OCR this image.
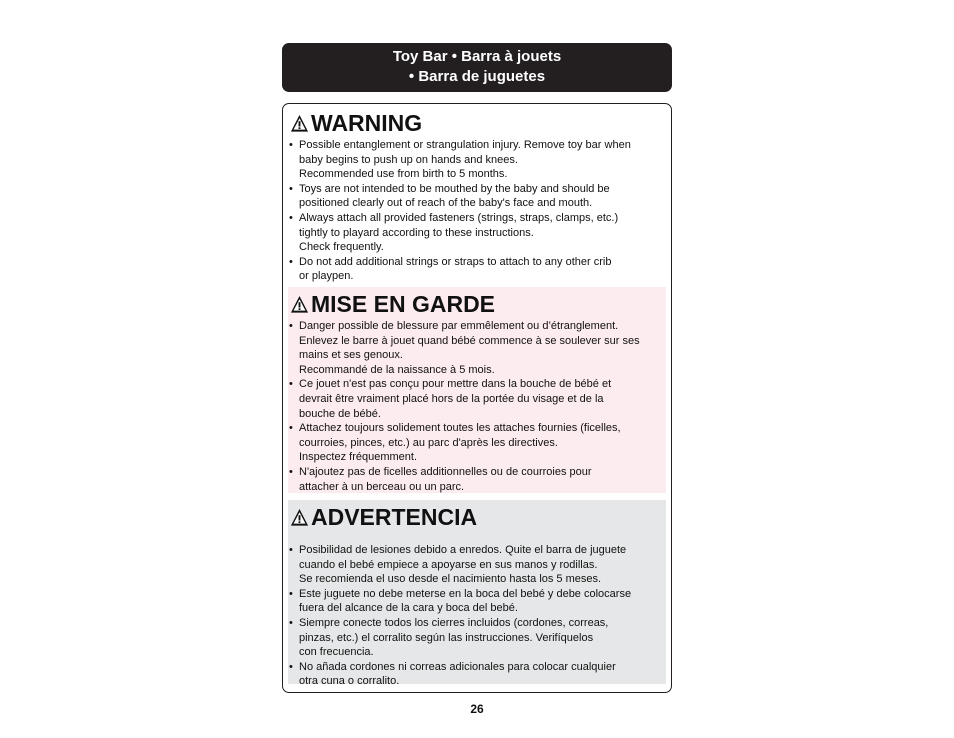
Toy Bar • Barra à jouets
• Barra de juguetes
WARNING
• Possible entanglement or strangulation injury. Remove toy bar when
baby begins to push up on hands and knees.
Recommended use from birth to 5 months.
• Toys are not intended to be mouthed by the baby and should be
positioned clearly out of reach of the baby's face and mouth.
• Always attach all provided fasteners (strings, straps, clamps, etc.)
tightly to playard according to these instructions.
Check frequently.
• Do not add additional strings or straps to attach to any other crib
or playpen.
MISE EN GARDE
• Danger possible de blessure par emmêlement ou d’étranglement.
Enlevez le barre à jouet quand bébé commence à se soulever sur ses
mains et ses genoux.
Recommandé de la naissance à 5 mois.
• Ce jouet n'est pas conçu pour mettre dans la bouche de bébé et
devrait être vraiment placé hors de la portée du visage et de la
bouche de bébé.
• Attachez toujours solidement toutes les attaches fournies (ficelles,
courroies, pinces, etc.) au parc d'après les directives.
Inspectez fréquemment.
• N'ajoutez pas de ficelles additionnelles ou de courroies pour
attacher à un berceau ou un parc.
ADVERTENCIA
• Posibilidad de lesiones debido a enredos. Quite el barra de juguete
cuando el bebé empiece a apoyarse en sus manos y rodillas.
Se recomienda el uso desde el nacimiento hasta los 5 meses.
• Este juguete no debe meterse en la boca del bebé y debe colocarse
fuera del alcance de la cara y boca del bebé.
• Siempre conecte todos los cierres incluidos (cordones, correas,
pinzas, etc.) el corralito según las instrucciones. Verifíquelos
con frecuencia.
• No añada cordones ni correas adicionales para colocar cualquier
otra cuna o corralito.
26
